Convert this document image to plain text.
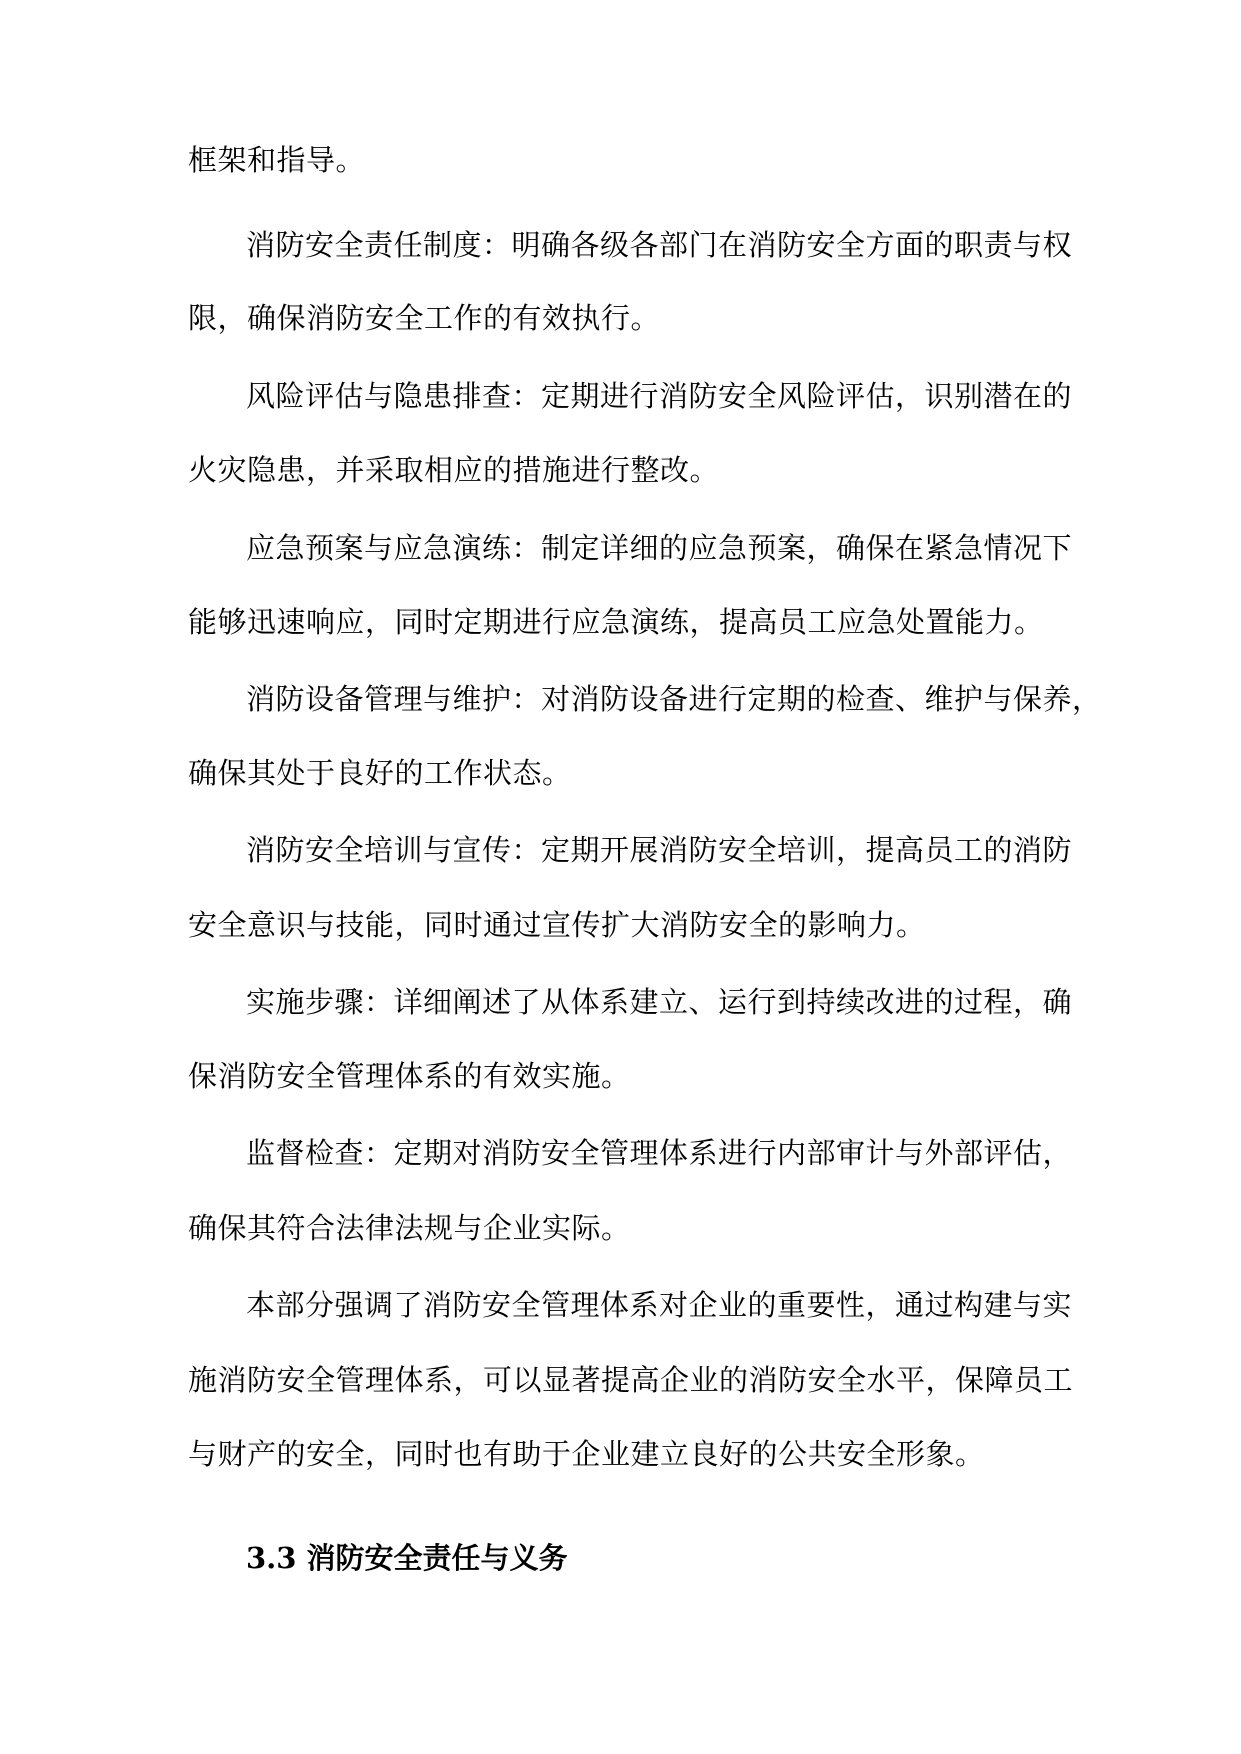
框架和指导。
消防安全责任制度：明确各级各部门在消防安全方面的职责与权
限，确保消防安全工作的有效执行。
风险评估与隐患排查：定期进行消防安全风险评估，识别潜在的
火灾隐患，并采取相应的措施进行整改。
应急预案与应急演练：制定详细的应急预案，确保在紧急情况下
能够迅速响应，同时定期进行应急演练，提高员工应急处置能力。
消防设备管理与维护：对消防设备进行定期的检查、维护与保养，
确保其处于良好的工作状态。
消防安全培训与宣传：定期开展消防安全培训，提高员工的消防
安全意识与技能，同时通过宣传扩大消防安全的影响力。
实施步骤：详细阐述了从体系建立、运行到持续改进的过程，确
保消防安全管理体系的有效实施。
监督检查：定期对消防安全管理体系进行内部审计与外部评估，
确保其符合法律法规与企业实际。
本部分强调了消防安全管理体系对企业的重要性，通过构建与实
施消防安全管理体系，可以显著提高企业的消防安全水平，保障员工
与财产的安全，同时也有助于企业建立良好的公共安全形象。
3.3 消防安全责任与义务
